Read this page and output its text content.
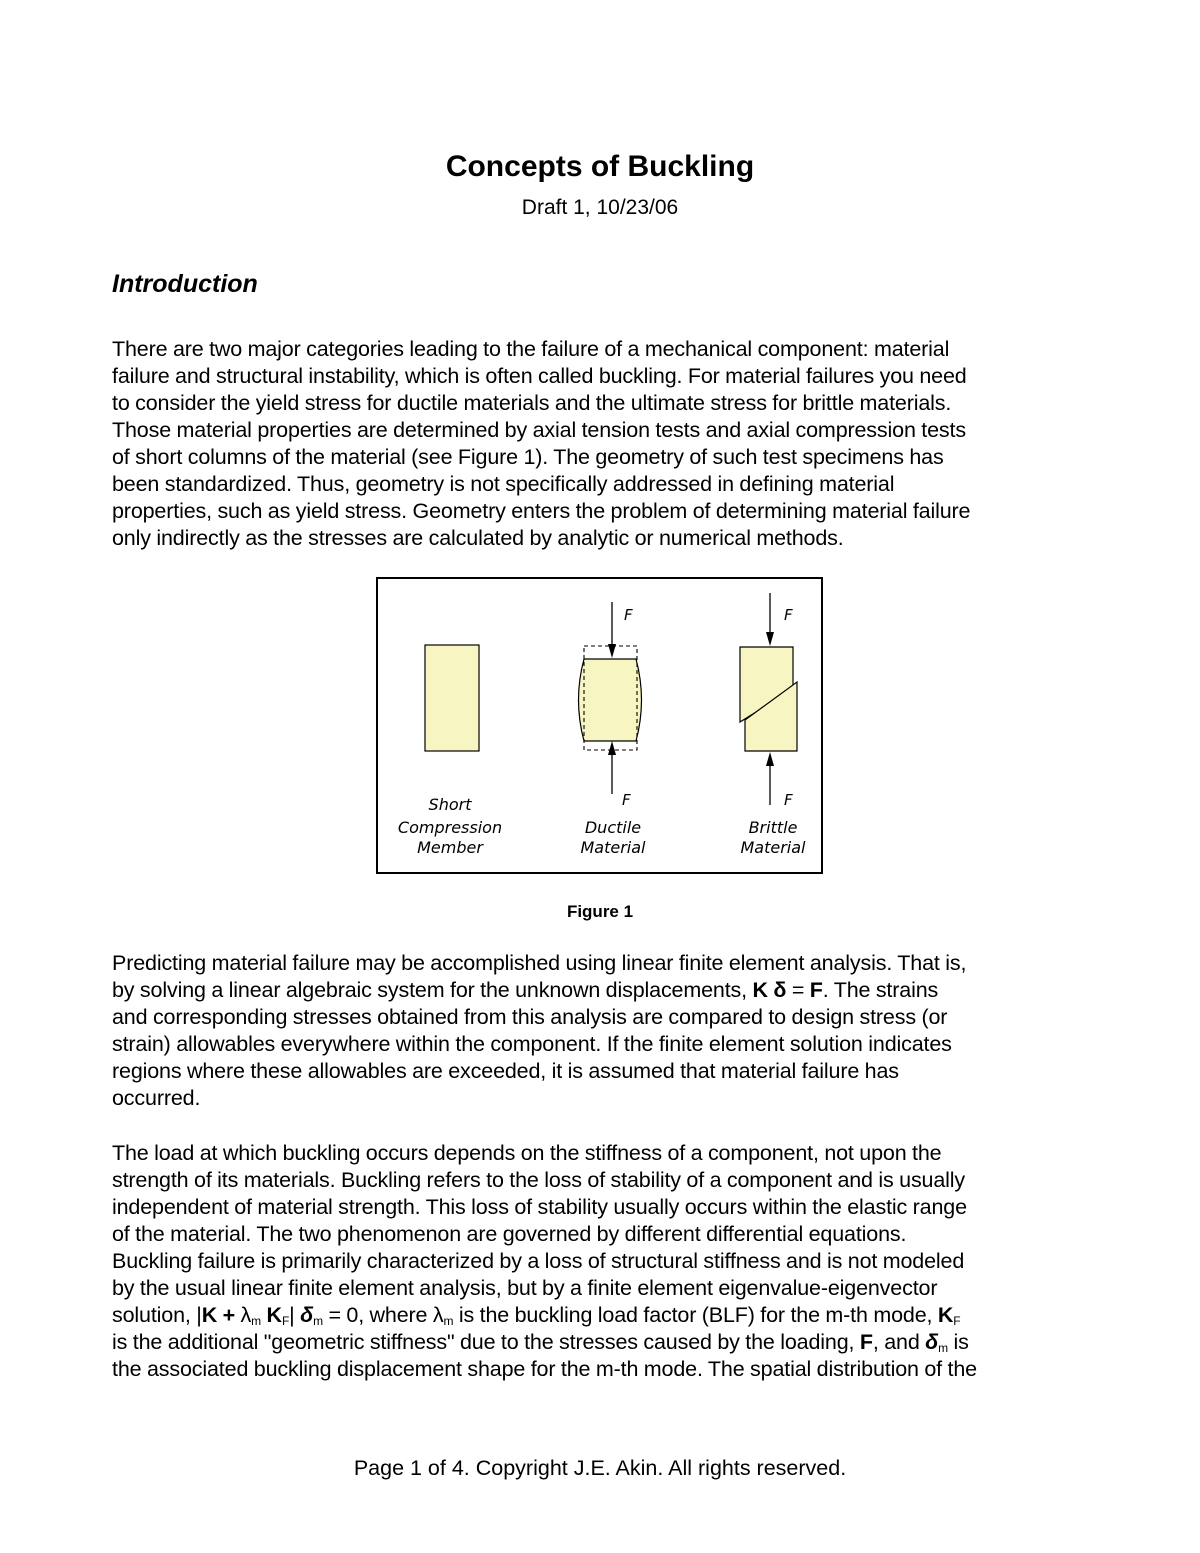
Concepts of Buckling
Draft 1, 10/23/06
Introduction

There are two major categories leading to the failure of a mechanical component: material
failure and structural instability, which is often called buckling. For material failures you need
to consider the yield stress for ductile materials and the ultimate stress for brittle materials.
Those material properties are determined by axial tension tests and axial compression tests
of short columns of the material (see Figure 1). The geometry of such test specimens has
been standardized. Thus, geometry is not specifically addressed in defining material
properties, such as yield stress. Geometry enters the problem of determining material failure
only indirectly as the stresses are calculated by analytic or numerical methods.

Short
Compression
Member
F
F
Ductile
Material
F
F
Brittle
Material
Figure 1

Predicting material failure may be accomplished using linear finite element analysis. That is,
by solving a linear algebraic system for the unknown displacements, K δ = F. The strains
and corresponding stresses obtained from this analysis are compared to design stress (or
strain) allowables everywhere within the component. If the finite element solution indicates
regions where these allowables are exceeded, it is assumed that material failure has
occurred.

The load at which buckling occurs depends on the stiffness of a component, not upon the
strength of its materials. Buckling refers to the loss of stability of a component and is usually
independent of material strength. This loss of stability usually occurs within the elastic range
of the material. The two phenomenon are governed by different differential equations.
Buckling failure is primarily characterized by a loss of structural stiffness and is not modeled
by the usual linear finite element analysis, but by a finite element eigenvalue-eigenvector
solution, $|K + \lambda_m$ $K_F|$ $\delta_m = 0$, where $\lambda_m$ is the buckling load factor (BLF) for the m-th mode, $K_F$
is the additional "geometric stiffness" due to the stresses caused by the loading, F, and $\delta_m$ is
the associated buckling displacement shape for the m-th mode. The spatial distribution of the

Page 1 of 4. Copyright J.E. Akin. All rights reserved.
